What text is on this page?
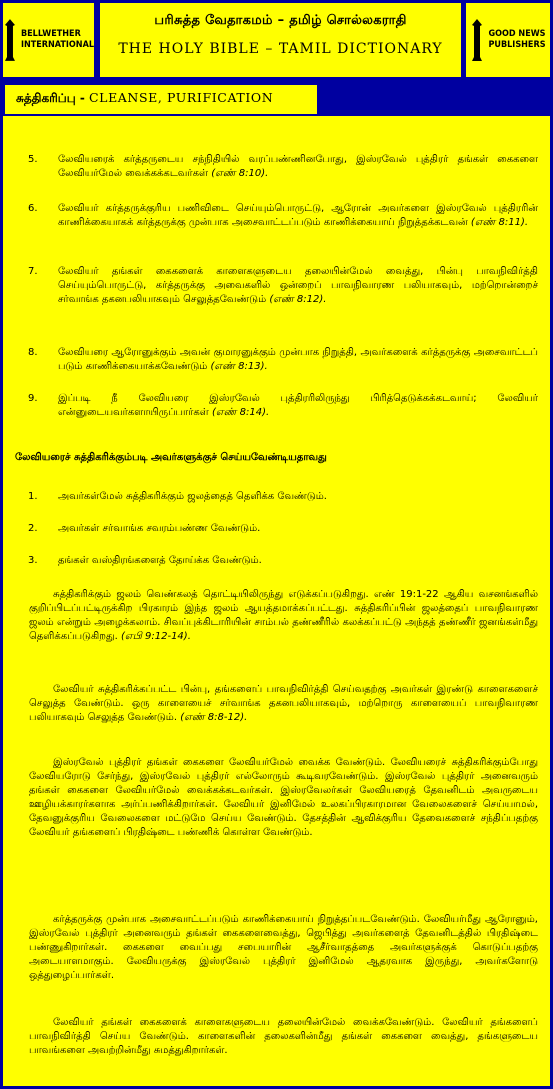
BELLWETHER
INTERNATIONAL
பரிசுத்த வேதாகமம் – தமிழ் சொல்லகராதி
THE HOLY BIBLE – TAMIL DICTIONARY
GOOD NEWS
PUBLISHERS
5. லேவியரைக் கர்த்தருடைய சந்நிதியில் வரப்பண்ணினபோது, இஸ்ரவேல் புத்திரர் தங்கள் கைகளை லேவியர்மேல் வைக்கக்கடவர்கள் (எண் 8:10).
6. லேவியர் கர்த்தருக்குரிய பணிவிடை செய்யும்பொருட்டு, ஆரோன் அவர்களை இஸ்ரவேல் புத்திரரின் காணிக்கையாகக் கர்த்தருக்கு முன்பாக அசைவாட்டப்படும் காணிக்கையாய் நிறுத்தக்கடவன் (எண் 8:11).
7. லேவியர் தங்கள் கைகளைக் காளைகளுடைய தலையின்மேல் வைத்து, பின்பு பாவநிவிர்த்தி செய்யும்பொருட்டு, கர்த்தருக்கு அவைகளில் ஒன்றைப் பாவநிவாரண பலியாகவும், மற்றொன்றைச் சர்வாங்க தகனபலியாகவும் செலுத்தவேண்டும் (எண் 8:12).
8. லேவியரை ஆரோனுக்கும் அவன் குமாரனுக்கும் முன்பாக நிறுத்தி, அவர்களைக் கர்த்தருக்கு அசைவாட்டப் படும் காணிக்கையாக்கவேண்டும் (எண் 8:13).
9. இப்படி நீ லேவியரை இஸ்ரவேல் புத்திரரிலிருந்து பிரித்தெடுக்கக்கடவாய்; லேவியர் என்னுடையவர்களாயிருப்பார்கள் (எண் 8:14).
லேவியரைச் சுத்திகரிக்கும்படி அவர்களுக்குச் செய்யவேண்டியதாவது
1. அவர்கள்மேல் சுத்திகரிக்கும் ஜலத்தைத் தெளிக்க வேண்டும்.
2. அவர்கள் சர்வாங்க சவரம்பண்ண வேண்டும்.
3. தங்கள் வஸ்திரங்களைத் தோய்க்க வேண்டும்.
சுத்திகரிக்கும் ஜலம் வெண்கலத் தொட்டியிலிருந்து எடுக்கப்படுகிறது. எண் 19:1-22 ஆகிய வசனங்களில் குறிப்பிடப்பட்டிருக்கிற பிரகாரம் இந்த ஜலம் ஆயத்தமாக்கப்பட்டது. சுத்திகரிப்பின் ஜலத்தைப் பாவநிவாரண ஜலம் என்றும் அழைக்கலாம். சிவப்புக்கிடாரியின் சாம்பல் தண்ணீரில் கலக்கப்பட்டு அந்தத் தண்ணீர் ஜனங்கள்மீது தெளிக்கப்படுகிறது. (எபி 9:12-14).
லேவியர் சுத்திகரிக்கப்பட்ட பின்பு, தங்களைப் பாவநிவிர்த்தி செய்வதற்கு அவர்கள் இரண்டு காளைகளைச் செலுத்த வேண்டும். ஒரு காளையைச் சர்வாங்க தகனபலியாகவும், மற்றொரு காளையைப் பாவநிவாரண பலியாகவும் செலுத்த வேண்டும். (எண் 8:8-12).
இஸ்ரவேல் புத்திரர் தங்கள் கைகளை லேவியர்மேல் வைக்க வேண்டும். லேவியரைச் சுத்திகரிக்கும்போது லேவியரோடு சேர்ந்து, இஸ்ரவேல் புத்திரர் எல்லோரும் கூடிவரவேண்டும். இஸ்ரவேல் புத்திரர் அனைவரும் தங்கள் கைகளை லேவியர்மேல் வைக்கக்கடவர்கள். இஸ்ரவேலர்கள் லேவியரைத் தேவனிடம் அவருடைய ஊழியக்காரர்களாக அர்ப்பணிக்கிறார்கள். லேவியர் இனிமேல் உலகப்பிரகாரமான வேலைகளைச் செய்யாமல், தேவனுக்குரிய வேலைகளை மட்டுமே செய்ய வேண்டும். தேசத்தின் ஆவிக்குரிய தேவைகளைச் சந்திப்பதற்கு லேவியர் தங்களைப் பிரதிஷ்டை பண்ணிக் கொள்ள வேண்டும்.
கர்த்தருக்கு முன்பாக அசைவாட்டப்படும் காணிக்கையாய் நிறுத்தப்படவேண்டும். லேவியர்மீது ஆரோனும், இஸ்ரவேல் புத்திரர் அனைவரும் தங்கள் கைகளைவைத்து, ஜெபித்து அவர்களைத் தேவனிடத்தில் பிரதிஷ்டை பண்ணுகிறார்கள். கைகளை வைப்பது சபையாரின் ஆசீர்வாதத்தை அவர்களுக்குக் கொடுப்பதற்கு அடையாளமாகும். லேவியருக்கு இஸ்ரவேல் புத்திரர் இனிமேல் ஆதரவாக இருந்து, அவர்களோடு ஒத்துழைப்பார்கள்.
லேவியர் தங்கள் கைகளைக் காளைகளுடைய தலையின்மேல் வைக்கவேண்டும். லேவியர் தங்களைப் பாவநிவிர்த்தி செய்ய வேண்டும். காளைகளின் தலைகளின்மீது தங்கள் கைகளை வைத்து, தங்களுடைய பாவங்களை அவற்றின்மீது சுமத்துகிறார்கள்.
சுத்திகரிப்பு - CLEANSE, PURIFICATION
